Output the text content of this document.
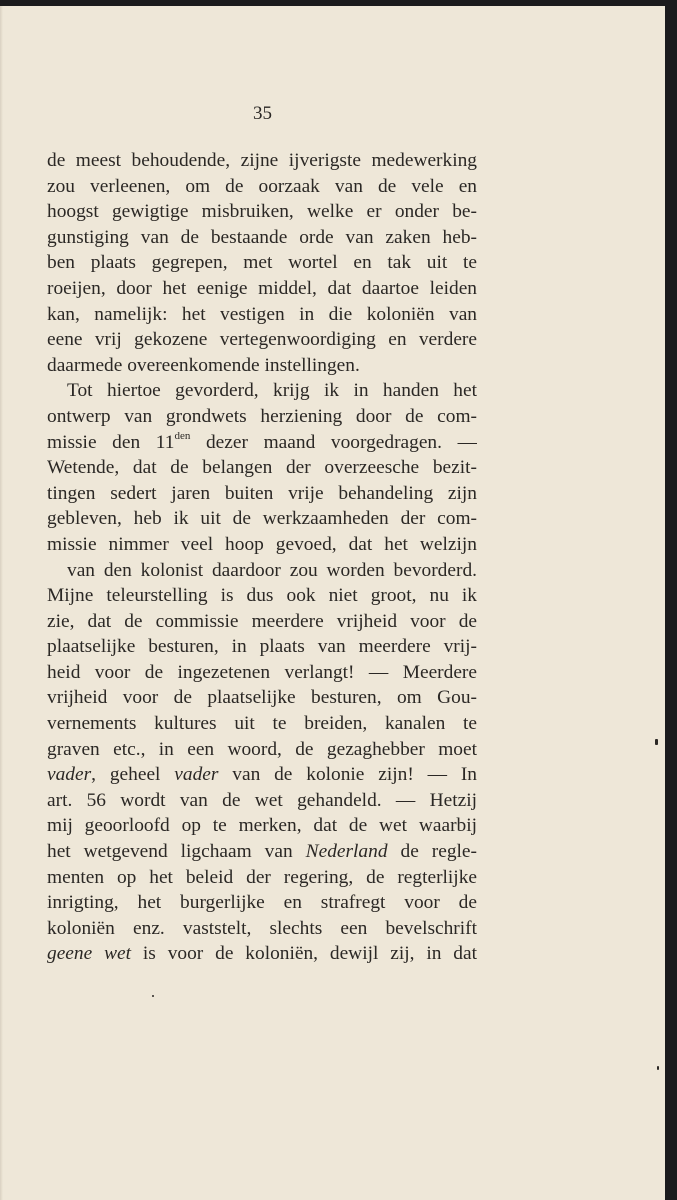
35
de meest behoudende, zijne ijverigste medewerking
zou verleenen, om de oorzaak van de vele en
hoogst gewigtige misbruiken, welke er onder be-
gunstiging van de bestaande orde van zaken heb-
ben plaats gegrepen, met wortel en tak uit te
roeijen, door het eenige middel, dat daartoe leiden
kan, namelijk: het vestigen in die koloniën van
eene vrij gekozene vertegenwoordiging en verdere
daarmede overeenkomende instellingen.
Tot hiertoe gevorderd, krijg ik in handen het
ontwerp van grondwets herziening door de com-
missie den $11^{den}$ dezer maand voorgedragen. —
Wetende, dat de belangen der overzeesche bezit-
tingen sedert jaren buiten vrije behandeling zijn
gebleven, heb ik uit de werkzaamheden der com-
missie nimmer veel hoop gevoed, dat het welzijn
van den kolonist daardoor zou worden bevorderd.
Mijne teleurstelling is dus ook niet groot, nu ik
zie, dat de commissie meerdere vrijheid voor de
plaatselijke besturen, in plaats van meerdere vrij-
heid voor de ingezetenen verlangt! — Meerdere
vrijheid voor de plaatselijke besturen, om Gou-
vernements kultures uit te breiden, kanalen te
graven etc., in een woord, de gezaghebber moet
vader, geheel vader van de kolonie zijn! — In
art. 56 wordt van de wet gehandeld. — Hetzij
mij geoorloofd op te merken, dat de wet waarbij
het wetgevend ligchaam van Nederland de regle-
menten op het beleid der regering, de regterlijke
inrigting, het burgerlijke en strafregt voor de
koloniën enz. vaststelt, slechts een bevelschrift
geene wet is voor de koloniën, dewijl zij, in dat
